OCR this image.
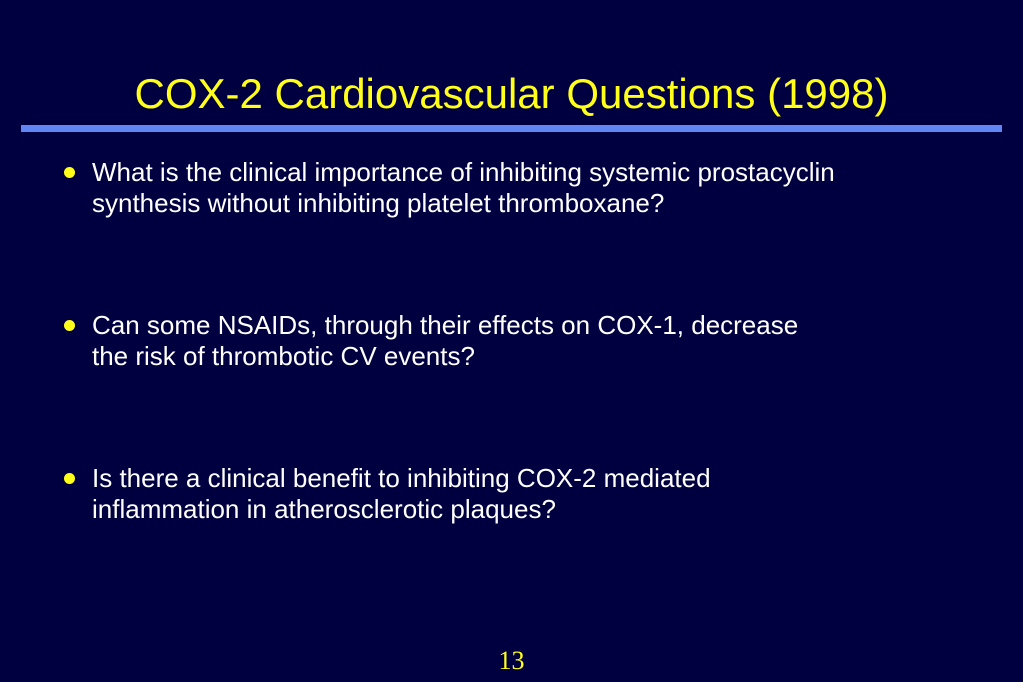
COX-2 Cardiovascular Questions (1998)
What is the clinical importance of inhibiting systemic prostacyclin
synthesis without inhibiting platelet thromboxane?
Can some NSAIDs, through their effects on COX-1, decrease
the risk of thrombotic CV events?
Is there a clinical benefit to inhibiting COX-2 mediated
inflammation in atherosclerotic plaques?
13
